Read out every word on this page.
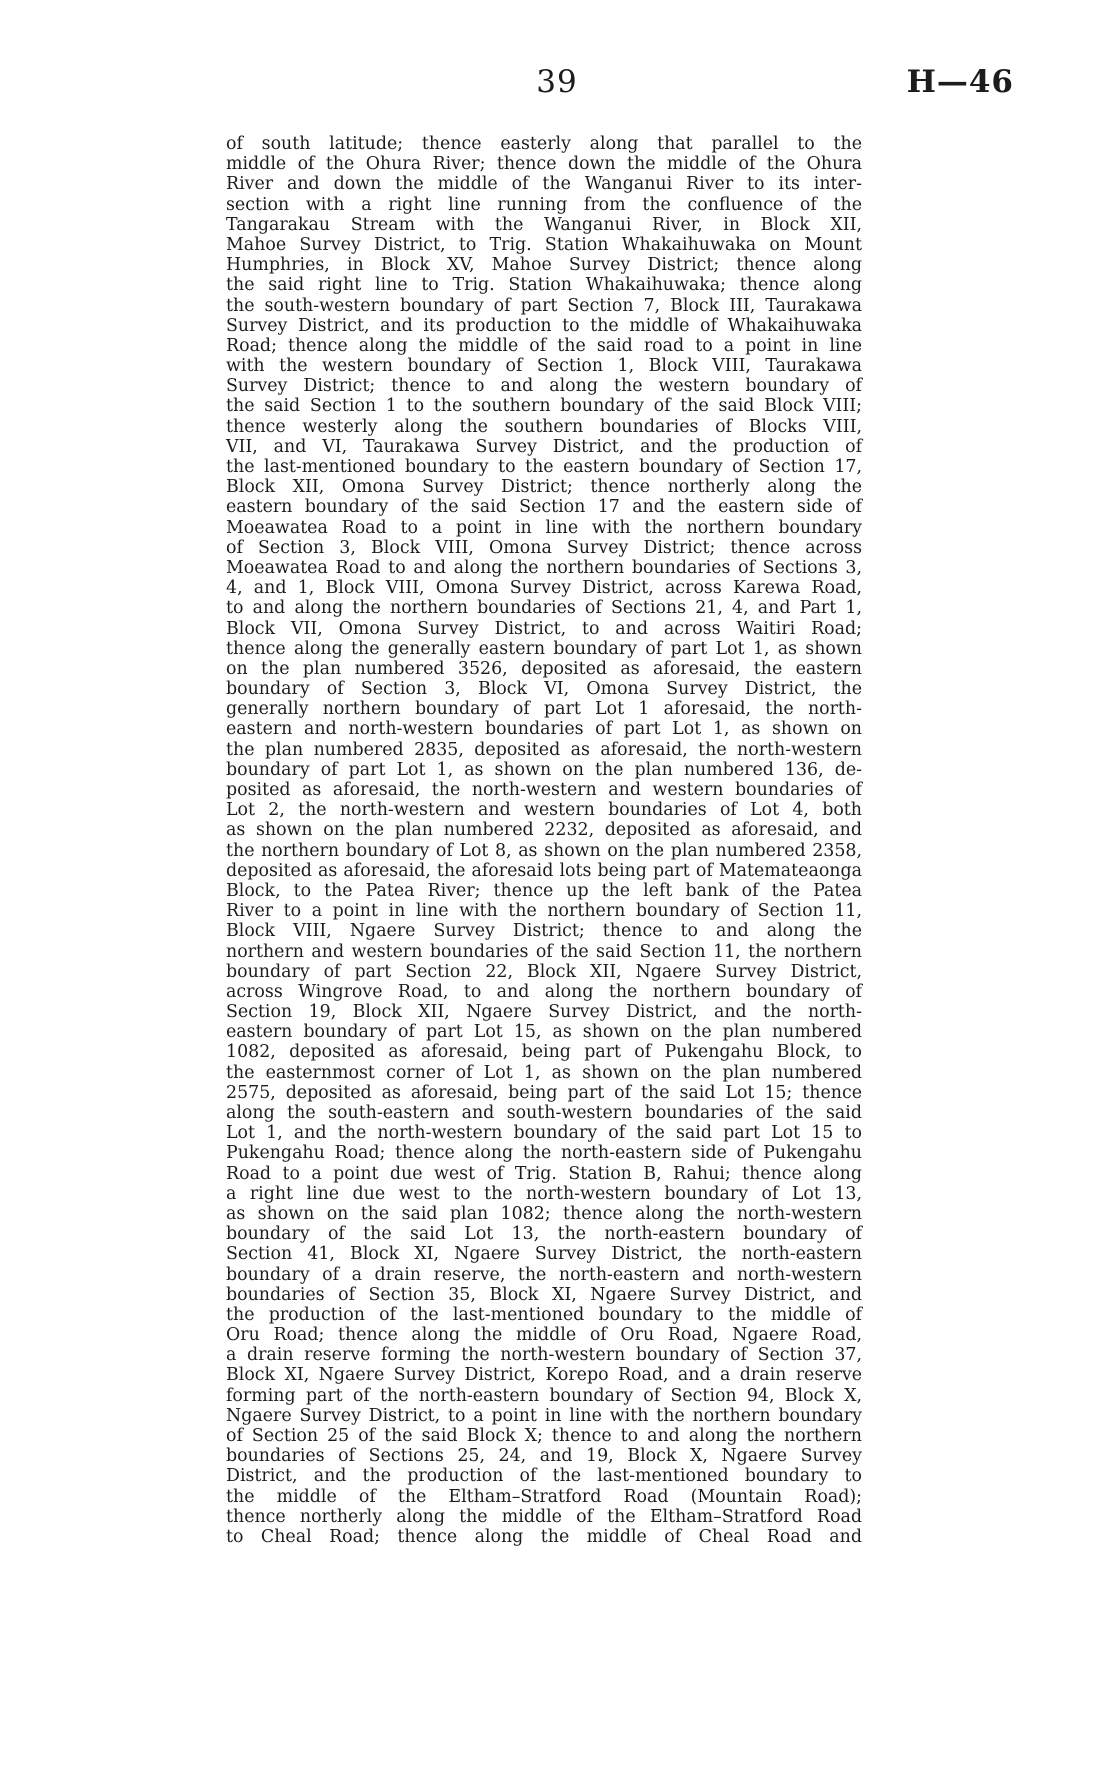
39	H—46
of south latitude; thence easterly along that parallel to the
middle of the Ohura River; thence down the middle of the Ohura
River and down the middle of the Wanganui River to its inter-
section with a right line running from the confluence of the
Tangarakau Stream with the Wanganui River, in Block XII,
Mahoe Survey District, to Trig. Station Whakaihuwaka on Mount
Humphries, in Block XV, Mahoe Survey District; thence along
the said right line to Trig. Station Whakaihuwaka; thence along
the south-western boundary of part Section 7, Block III, Taurakawa
Survey District, and its production to the middle of Whakaihuwaka
Road; thence along the middle of the said road to a point in line
with the western boundary of Section 1, Block VIII, Taurakawa
Survey District; thence to and along the western boundary of
the said Section 1 to the southern boundary of the said Block VIII;
thence westerly along the southern boundaries of Blocks VIII,
VII, and VI, Taurakawa Survey District, and the production of
the last-mentioned boundary to the eastern boundary of Section 17,
Block XII, Omona Survey District; thence northerly along the
eastern boundary of the said Section 17 and the eastern side of
Moeawatea Road to a point in line with the northern boundary
of Section 3, Block VIII, Omona Survey District; thence across
Moeawatea Road to and along the northern boundaries of Sections 3,
4, and 1, Block VIII, Omona Survey District, across Karewa Road,
to and along the northern boundaries of Sections 21, 4, and Part 1,
Block VII, Omona Survey District, to and across Waitiri Road;
thence along the generally eastern boundary of part Lot 1, as shown
on the plan numbered 3526, deposited as aforesaid, the eastern
boundary of Section 3, Block VI, Omona Survey District, the
generally northern boundary of part Lot 1 aforesaid, the north-
eastern and north-western boundaries of part Lot 1, as shown on
the plan numbered 2835, deposited as aforesaid, the north-western
boundary of part Lot 1, as shown on the plan numbered 136, de-
posited as aforesaid, the north-western and western boundaries of
Lot 2, the north-western and western boundaries of Lot 4, both
as shown on the plan numbered 2232, deposited as aforesaid, and
the northern boundary of Lot 8, as shown on the plan numbered 2358,
deposited as aforesaid, the aforesaid lots being part of Matemateaonga
Block, to the Patea River; thence up the left bank of the Patea
River to a point in line with the northern boundary of Section 11,
Block VIII, Ngaere Survey District; thence to and along the
northern and western boundaries of the said Section 11, the northern
boundary of part Section 22, Block XII, Ngaere Survey District,
across Wingrove Road, to and along the northern boundary of
Section 19, Block XII, Ngaere Survey District, and the north-
eastern boundary of part Lot 15, as shown on the plan numbered
1082, deposited as aforesaid, being part of Pukengahu Block, to
the easternmost corner of Lot 1, as shown on the plan numbered
2575, deposited as aforesaid, being part of the said Lot 15; thence
along the south-eastern and south-western boundaries of the said
Lot 1, and the north-western boundary of the said part Lot 15 to
Pukengahu Road; thence along the north-eastern side of Pukengahu
Road to a point due west of Trig. Station B, Rahui; thence along
a right line due west to the north-western boundary of Lot 13,
as shown on the said plan 1082; thence along the north-western
boundary of the said Lot 13, the north-eastern boundary of
Section 41, Block XI, Ngaere Survey District, the north-eastern
boundary of a drain reserve, the north-eastern and north-western
boundaries of Section 35, Block XI, Ngaere Survey District, and
the production of the last-mentioned boundary to the middle of
Oru Road; thence along the middle of Oru Road, Ngaere Road,
a drain reserve forming the north-western boundary of Section 37,
Block XI, Ngaere Survey District, Korepo Road, and a drain reserve
forming part of the north-eastern boundary of Section 94, Block X,
Ngaere Survey District, to a point in line with the northern boundary
of Section 25 of the said Block X; thence to and along the northern
boundaries of Sections 25, 24, and 19, Block X, Ngaere Survey
District, and the production of the last-mentioned boundary to
the middle of the Eltham–Stratford Road (Mountain Road);
thence northerly along the middle of the Eltham–Stratford Road
to Cheal Road; thence along the middle of Cheal Road and
